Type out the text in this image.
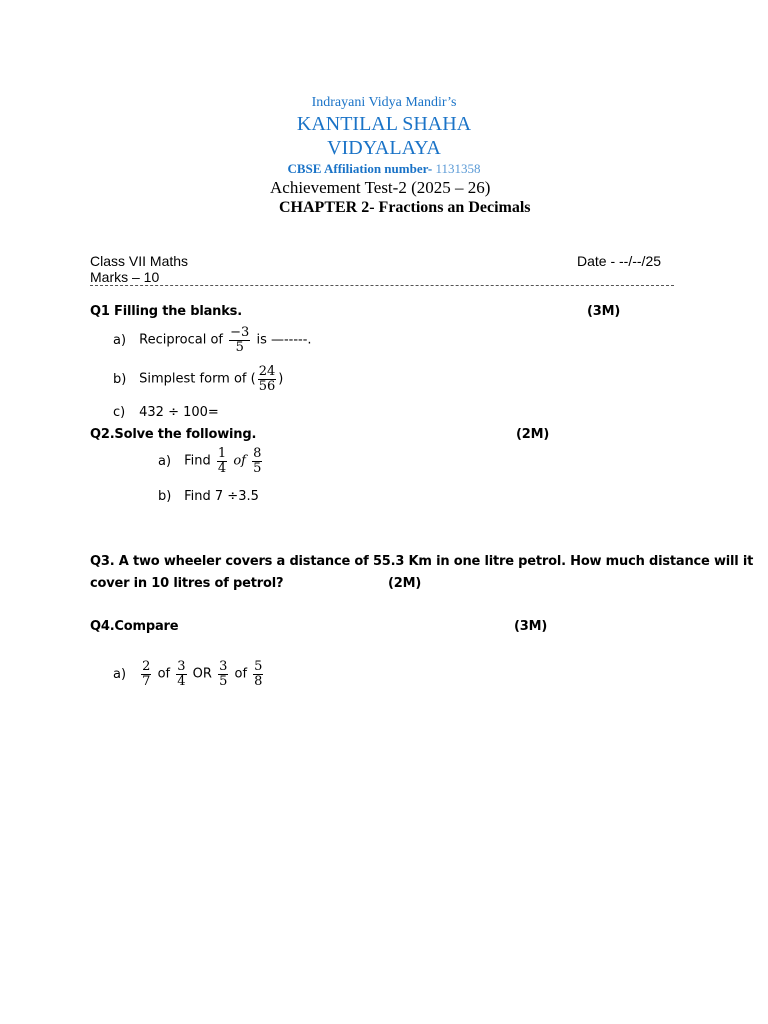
Indrayani Vidya Mandir’s
KANTILAL SHAHA
VIDYALAYA
CBSE Affiliation number- 1131358
Achievement Test-2 (2025 – 26)
CHAPTER 2- Fractions an Decimals
Class VII Maths	Date - --/--/25
Marks – 10
Q1 Filling the blanks.	(3M)
a) Reciprocal of $\frac{-3}{5}$ is —-----.
b) Simplest form of ( $\frac{24}{56}$ )
c) 432 ÷ 100=
Q2.Solve the following.	(2M)
a) Find $\frac{1}{4}$ of $\frac{8}{5}$
b) Find 7 ÷3.5
Q3. A two wheeler covers a distance of 55.3 Km in one litre petrol. How much distance will it
cover in 10 litres of petrol?	(2M)
Q4.Compare	(3M)
$a) \frac{2}{7}$ of $\frac{3}{4}$ OR $\frac{3}{5}$ of $\frac{5}{8}$
